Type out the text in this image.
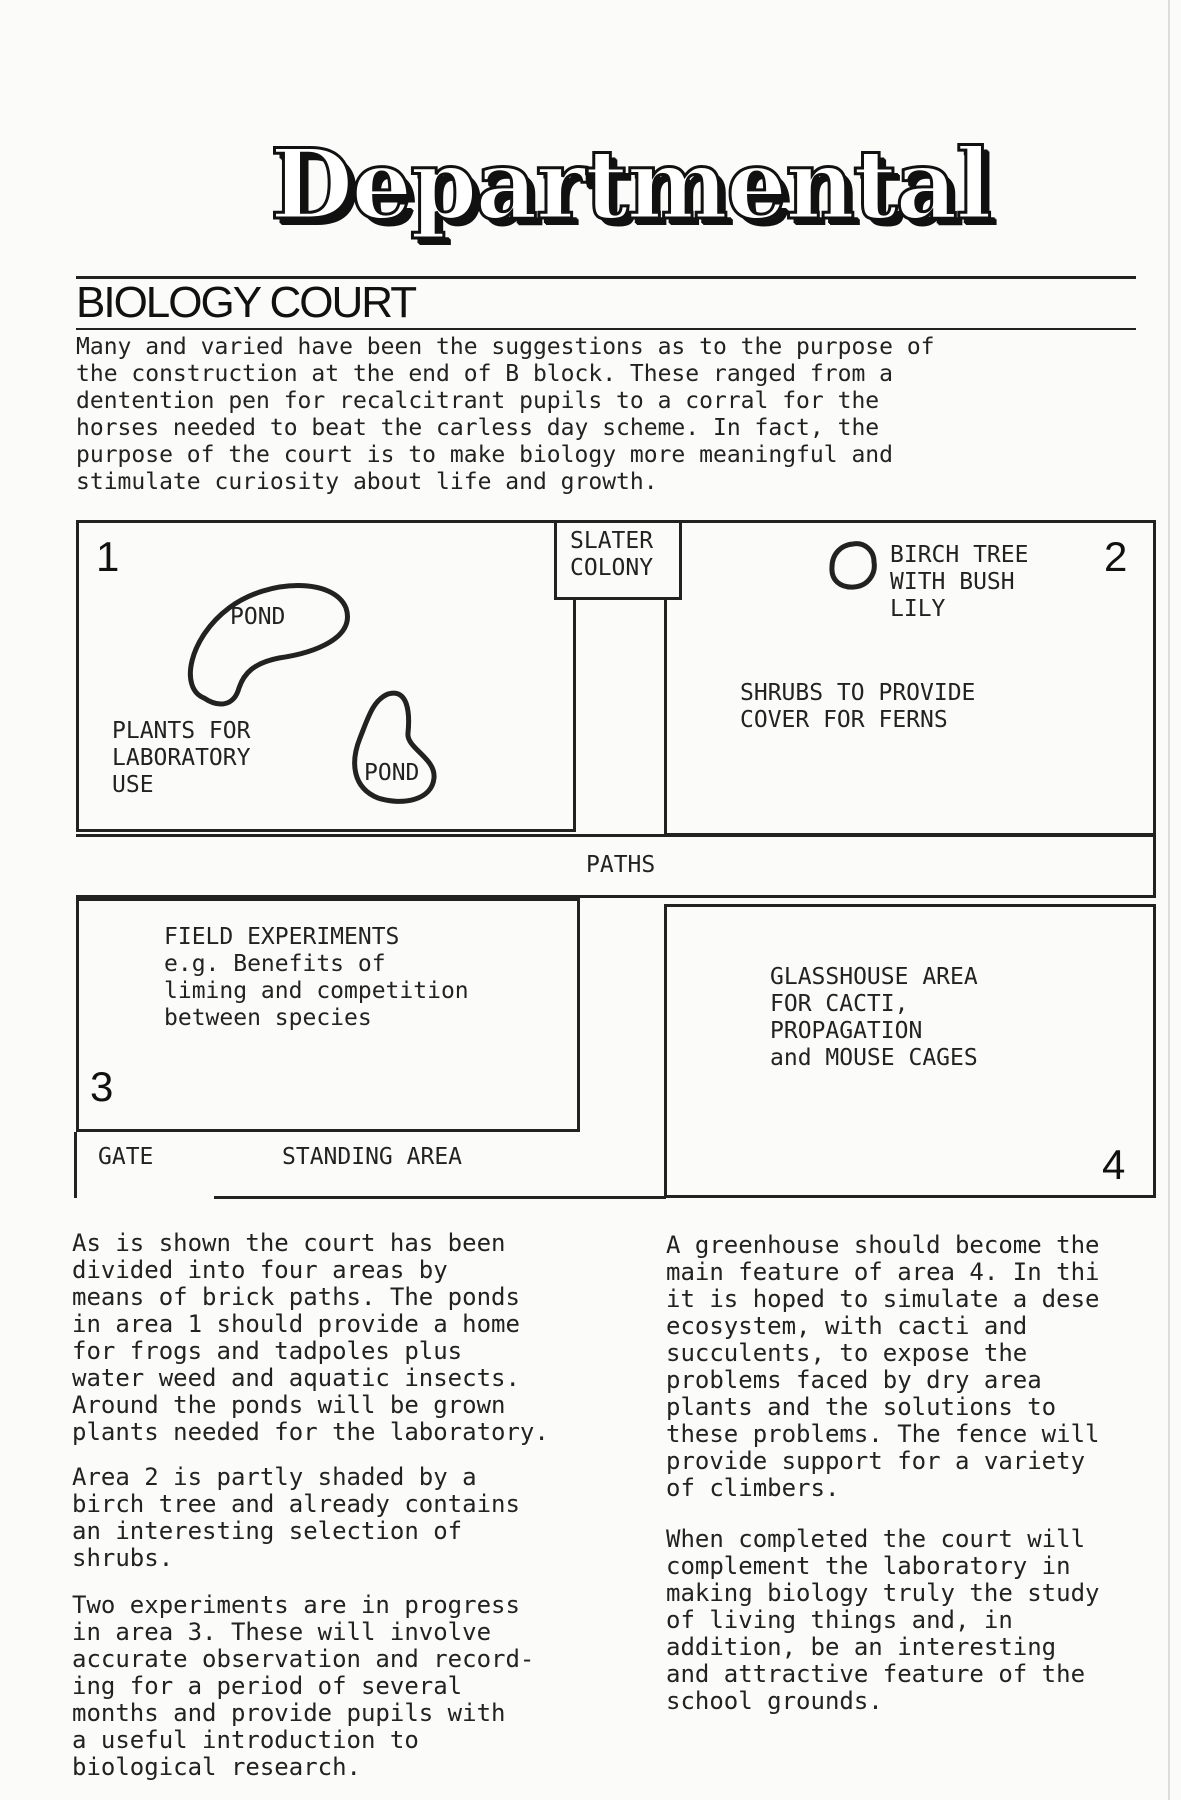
Departmental
BIOLOGY COURT
Many and varied have been the suggestions as to the purpose of
the construction at the end of B block. These ranged from a
dentention pen for recalcitrant pupils to a corral for the
horses needed to beat the carless day scheme. In fact, the
purpose of the court is to make biology more meaningful and
stimulate curiosity about life and growth.
1
POND
POND
PLANTS FOR
LABORATORY
USE
SLATER
COLONY	2
BIRCH TREE
WITH BUSH
LILY
SHRUBS TO PROVIDE
COVER FOR FERNS
PATHS
FIELD EXPERIMENTS
e.g. Benefits of
liming and competition
between species
3
GLASSHOUSE AREA
FOR CACTI,
PROPAGATION
and MOUSE CAGES
4
GATE	STANDING AREA
As is shown the court has been
divided into four areas by
means of brick paths. The ponds
in area 1 should provide a home
for frogs and tadpoles plus
water weed and aquatic insects.
Around the ponds will be grown
plants needed for the laboratory.
Area 2 is partly shaded by a
birch tree and already contains
an interesting selection of
shrubs.
Two experiments are in progress
in area 3. These will involve
accurate observation and record-
ing for a period of several
months and provide pupils with
a useful introduction to
biological research.
A greenhouse should become the
main feature of area 4. In thi
it is hoped to simulate a dese
ecosystem, with cacti and
succulents, to expose the
problems faced by dry area
plants and the solutions to
these problems. The fence will
provide support for a variety
of climbers.
When completed the court will
complement the laboratory in
making biology truly the study
of living things and, in
addition, be an interesting
and attractive feature of the
school grounds.
